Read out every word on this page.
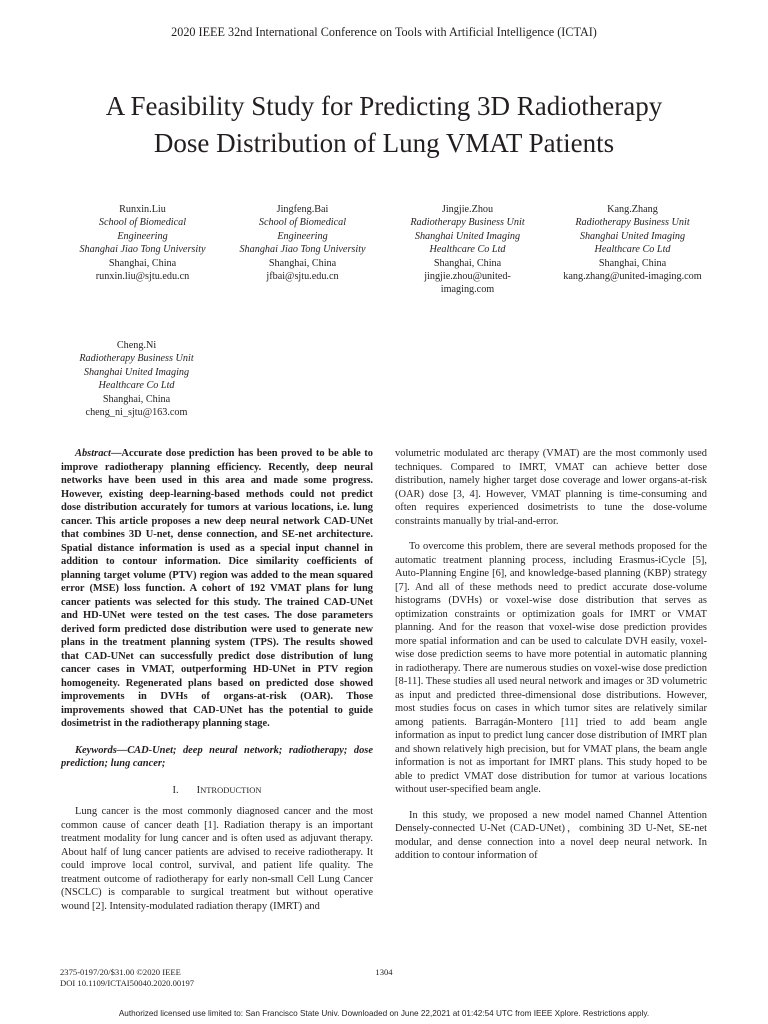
2020 IEEE 32nd International Conference on Tools with Artificial Intelligence (ICTAI)
A Feasibility Study for Predicting 3D Radiotherapy
Dose Distribution of Lung VMAT Patients
Runxin.Liu
School of Biomedical
Engineering
Shanghai Jiao Tong University
Shanghai, China
runxin.liu@sjtu.edu.cn
Jingfeng.Bai
School of Biomedical
Engineering
Shanghai Jiao Tong University
Shanghai, China
jfbai@sjtu.edu.cn
Jingjie.Zhou
Radiotherapy Business Unit
Shanghai United Imaging
Healthcare Co Ltd
Shanghai, China
jingjie.zhou@united-
imaging.com
Kang.Zhang
Radiotherapy Business Unit
Shanghai United Imaging
Healthcare Co Ltd
Shanghai, China
kang.zhang@united-imaging.com
Cheng.Ni
Radiotherapy Business Unit
Shanghai United Imaging
Healthcare Co Ltd
Shanghai, China
cheng_ni_sjtu@163.com

Abstract—Accurate dose prediction has been proved to be able to improve radiotherapy planning efficiency. Recently, deep neural networks have been used in this area and made some progress. However, existing deep-learning-based methods could not predict dose distribution accurately for tumors at various locations, i.e. lung cancer. This article proposes a new deep neural network CAD-UNet that combines 3D U-net, dense connection, and SE-net architecture. Spatial distance information is used as a special input channel in addition to contour information. Dice similarity coefficients of planning target volume (PTV) region was added to the mean squared error (MSE) loss function. A cohort of 192 VMAT plans for lung cancer patients was selected for this study. The trained CAD-UNet and HD-UNet were tested on the test cases. The dose parameters derived form predicted dose distribution were used to generate new plans in the treatment planning system (TPS). The results showed that CAD-UNet can successfully predict dose distribution of lung cancer cases in VMAT, outperforming HD-UNet in PTV region homogeneity. Regenerated plans based on predicted dose showed improvements in DVHs of organs-at-risk (OAR). Those improvements showed that CAD-UNet has the potential to guide dosimetrist in the radiotherapy planning stage.

Keywords—CAD-Unet; deep neural network; radiotherapy; dose prediction; lung cancer;

I. INTRODUCTION

Lung cancer is the most commonly diagnosed cancer and the most common cause of cancer death [1]. Radiation therapy is an important treatment modality for lung cancer and is often used as adjuvant therapy. About half of lung cancer patients are advised to receive radiotherapy. It could improve local control, survival, and patient life quality. The treatment outcome of radiotherapy for early non-small Cell Lung Cancer (NSCLC) is comparable to surgical treatment but without operative wound [2]. Intensity-modulated radiation therapy (IMRT) and

volumetric modulated arc therapy (VMAT) are the most commonly used techniques. Compared to IMRT, VMAT can achieve better dose distribution, namely higher target dose coverage and lower organs-at-risk (OAR) dose [3, 4]. However, VMAT planning is time-consuming and often requires experienced dosimetrists to tune the dose-volume constraints manually by trial-and-error.

To overcome this problem, there are several methods proposed for the automatic treatment planning process, including Erasmus-iCycle [5], Auto-Planning Engine [6], and knowledge-based planning (KBP) strategy [7]. And all of these methods need to predict accurate dose-volume histograms (DVHs) or voxel-wise dose distribution that serves as optimization constraints or optimization goals for IMRT or VMAT planning. And for the reason that voxel-wise dose prediction provides more spatial information and can be used to calculate DVH easily, voxel-wise dose prediction seems to have more potential in automatic planning in radiotherapy. There are numerous studies on voxel-wise dose prediction [8-11]. These studies all used neural network and images or 3D volumetric as input and predicted three-dimensional dose distributions. However, most studies focus on cases in which tumor sites are relatively similar among patients. Barragán-Montero [11] tried to add beam angle information as input to predict lung cancer dose distribution of IMRT plan and shown relatively high precision, but for VMAT plans, the beam angle information is not as important for IMRT plans. This study hoped to be able to predict VMAT dose distribution for tumor at various locations without user-specified beam angle.

In this study, we proposed a new model named Channel Attention Densely-connected U-Net (CAD-UNet)，combining 3D U-Net, SE-net modular, and dense connection into a novel deep neural network. In addition to contour information of

2375-0197/20/$31.00 ©2020 IEEE
DOI 10.1109/ICTAI50040.2020.00197
1304
Authorized licensed use limited to: San Francisco State Univ. Downloaded on June 22,2021 at 01:42:54 UTC from IEEE Xplore. Restrictions apply.
